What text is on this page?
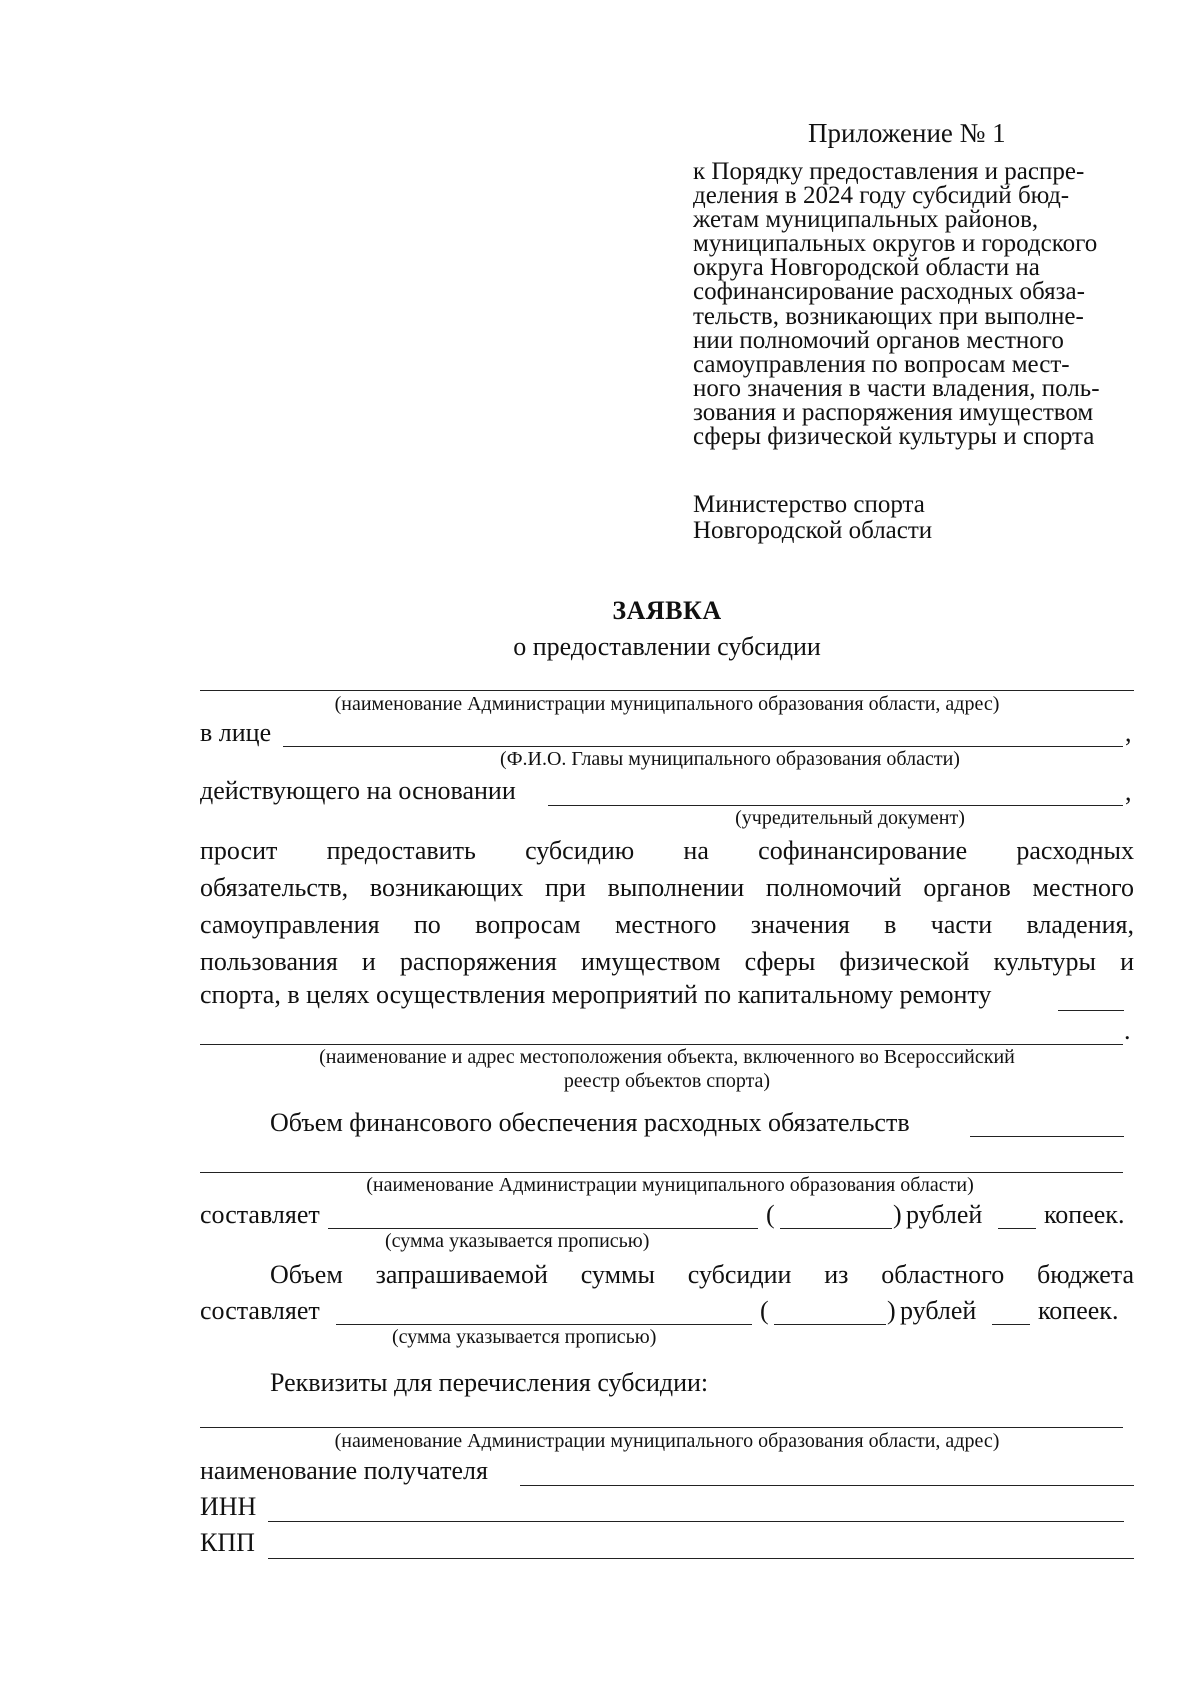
Приложение № 1
к Порядку предоставления и распре-
деления в 2024 году субсидий бюд-
жетам муниципальных районов,
муниципальных округов и городского
округа Новгородской области на
софинансирование расходных обяза-
тельств, возникающих при выполне-
нии полномочий органов местного
самоуправления по вопросам мест-
ного значения в части владения, поль-
зования и распоряжения имуществом
сферы физической культуры и спорта
Министерство спорта
Новгородской области
ЗАЯВКА
о предоставлении субсидии
(наименование Администрации муниципального образования области, адрес)
в лице	,
(Ф.И.О. Главы муниципального образования области)
действующего на основании	,
(учредительный документ)
просит предоставить субсидию на софинансирование расходных
обязательств, возникающих при выполнении полномочий органов местного
самоуправления по вопросам местного значения в части владения,
пользования и распоряжения имуществом сферы физической культуры и
спорта, в целях осуществления мероприятий по капитальному ремонту
.
(наименование и адрес местоположения объекта, включенного во Всероссийский
реестр объектов спорта)
Объем финансового обеспечения расходных обязательств
(наименование Администрации муниципального образования области)
составляет	(	) рублей копеек.
(сумма указывается прописью)
Объем запрашиваемой суммы субсидии из областного бюджета
составляет	(	) рублей копеек.
(сумма указывается прописью)
Реквизиты для перечисления субсидии:
(наименование Администрации муниципального образования области, адрес)
наименование получателя
ИНН
КПП
